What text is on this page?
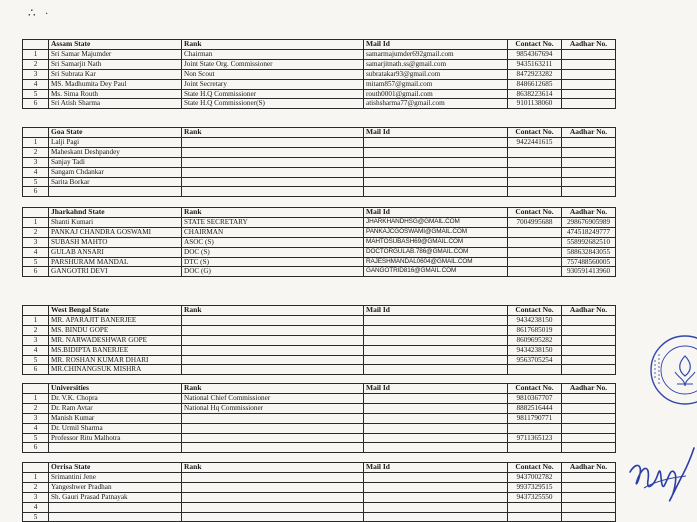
∴ ·
	Assam State	Rank	Mail Id	Contact No.	Aadhar No.
1	Sri Samar Majumder	Chairman	samarmajumder692gmail.com	9854367694	
2	Sri Samarjit Nath	Joint State Org. Commissioner	samarjitnath.ss@gmail.com	9435163211	
3	Sri Subrata Kar	Non Scout	subratakar93@gmail.com	8472923282	
4	MS. Madhumita Dey Paul	Joint Secretary	mitam857@gmail.com	8486612685	
5	Ms. Sima Routh	State H.Q Commissioner	routh0001@gmail.com	8638223614	
6	Sri Atish Sharma	State H.Q Commissioner(S)	atishsharma77@gmail.com	9101138060	
	Goa State	Rank	Mail Id	Contact No.	Aadhar No.
1	Lalji Pagi			9422441615	
2	Maheskant Deshpandey				
3	Sanjay Tadi				
4	Sangam Chdankar				
5	Sarita Borkar				
6					
	Jharkahnd State	Rank	Mail Id	Contact No.	Aadhar No.
1	Shanti Kumari	STATE SECRETARY	JHARKHANDHSG@GMAIL.COM	7004995688	298676905989
2	PANKAJ CHANDRA GOSWAMI	CHAIRMAN	PANKAJCGOSWAMI@GMAIL.COM		474518249777
3	SUBASH MAHTO	ASOC (S)	MAHTOSUBASH69@GMAIL.COM		558992682510
4	GULAB ANSARI	DOC (S)	DOCTORGULAB.786@GMAIL.COM		588632843055
5	PARSHURAM MANDAL	DTC (S)	RAJESHMANDAL0604@GMAIL.COM		757488560005
6	GANGOTRI DEVI	DOC (G)	GANGOTRID816@GMAIL.COM		930591413960
	West Bengal State	Rank	Mail Id	Contact No.	Aadhar No.
1	MR. APARAJIT BANERJEE			9434238150	
2	MS. BINDU GOPE			8617685019	
3	MR. NARWADESHWAR GOPE			8609695282	
4	MS.BIDIPTA BANERJEE			9434238150	
5	MR. ROSHAN KUMAR DHARI			9563705254	
6	MR.CHINANGSUK MISHRA				
	Universities	Rank	Mail Id	Contact No.	Aadhar No.
1	Dr. V.K. Chopra	National Chief Commissioner		9810367707	
2	Dr. Ram Avtar	National Hq Commissioner		8882516444	
3	Manish Kumar			9811790771	
4	Dr. Urmil Sharma				
5	Professor Ritu Malhotra			9711365123	
6					
	Orrisa State	Rank	Mail Id	Contact No.	Aadhar No.
1	Srimantini Jene			9437002782	
2	Yangeshwer Pradhan			9937329515	
3	Sh. Gauri Prasad Patnayak			9437325550	
4					
5					
